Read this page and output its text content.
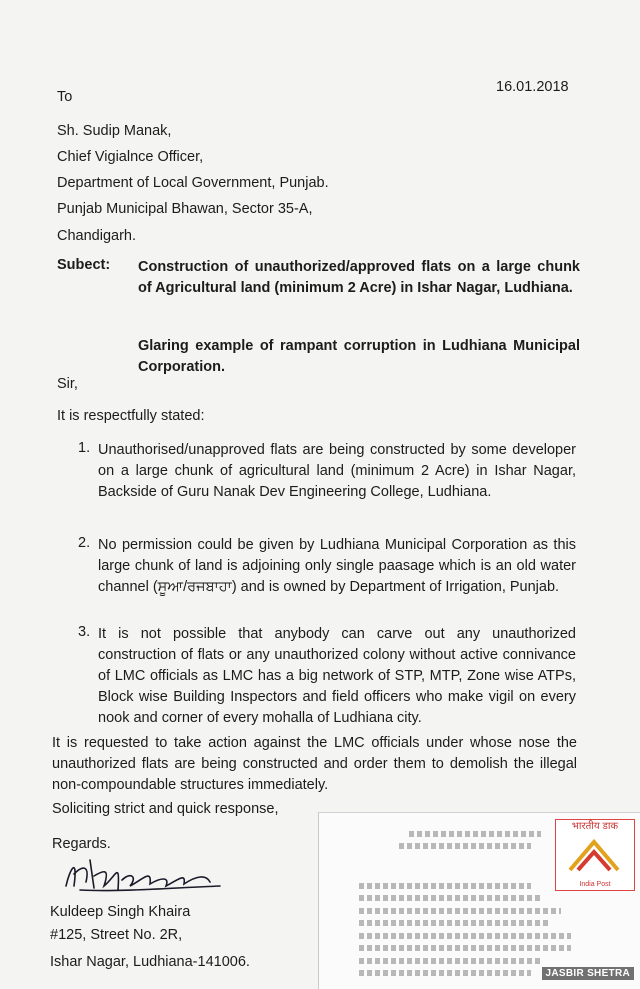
16.01.2018
To
Sh. Sudip Manak,
Chief Vigialnce Officer,
Department of Local Government, Punjab.
Punjab Municipal Bhawan, Sector 35-A,
Chandigarh.
Subect: Construction of unauthorized/approved flats on a large chunk of Agricultural land (minimum 2 Acre) in Ishar Nagar, Ludhiana.
Glaring example of rampant corruption in Ludhiana Municipal Corporation.
Sir,
It is respectfully stated:
1. Unauthorised/unapproved flats are being constructed by some developer on a large chunk of agricultural land (minimum 2 Acre) in Ishar Nagar, Backside of Guru Nanak Dev Engineering College, Ludhiana.
2. No permission could be given by Ludhiana Municipal Corporation as this large chunk of land is adjoining only single paasage which is an old water channel (ਸੂਆ/ਰਜਬਾਹਾ) and is owned by Department of Irrigation, Punjab.
3. It is not possible that anybody can carve out any unauthorized construction of flats or any unauthorized colony without active connivance of LMC officials as LMC has a big network of STP, MTP, Zone wise ATPs, Block wise Building Inspectors and field officers who make vigil on every nook and corner of every mohalla of Ludhiana city.
It is requested to take action against the LMC officials under whose nose the unauthorized flats are being constructed and order them to demolish the illegal non-compoundable structures immediately.
Soliciting strict and quick response,
Regards.
Kuldeep Singh Khaira
#125, Street No. 2R,
Ishar Nagar, Ludhiana-141006.
भारतीय डाक
India Post
JASBIR SHETRA
